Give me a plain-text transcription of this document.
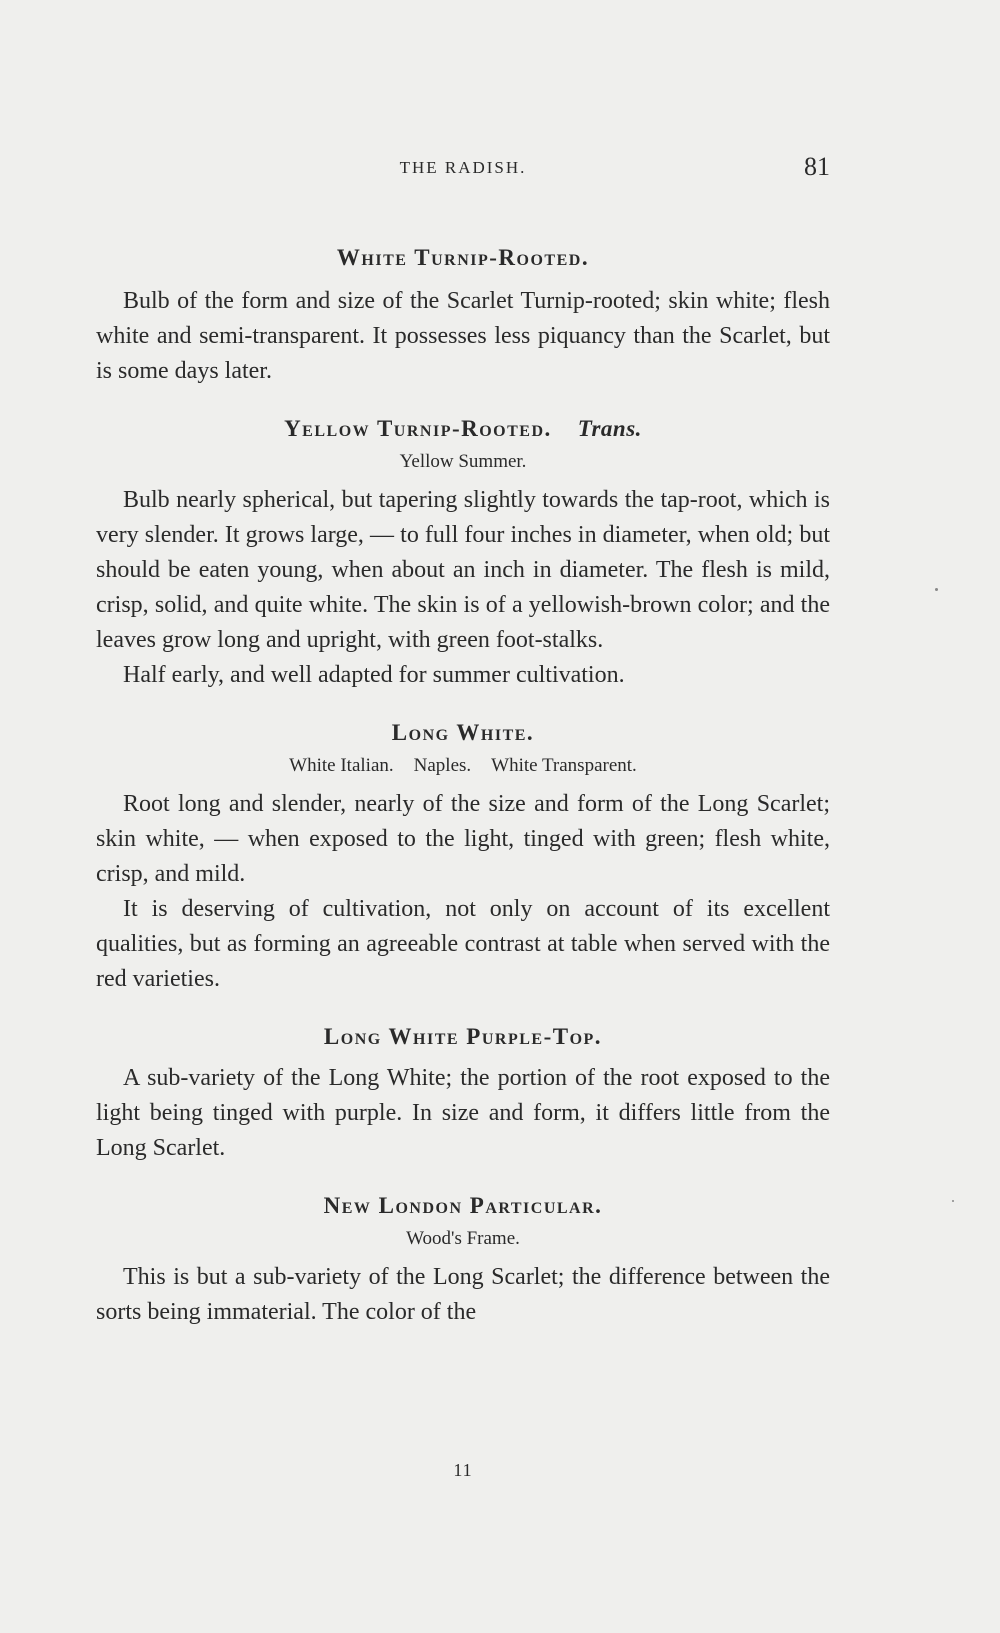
THE RADISH.	81
White Turnip-Rooted.

Bulb of the form and size of the Scarlet Turnip-rooted; skin white; flesh white and semi-transparent. It possesses less piquancy than the Scarlet, but is some days later.

Yellow Turnip-Rooted. Trans.
Yellow Summer.

Bulb nearly spherical, but tapering slightly towards the tap-root, which is very slender. It grows large, — to full four inches in diameter, when old; but should be eaten young, when about an inch in diameter. The flesh is mild, crisp, solid, and quite white. The skin is of a yellowish-brown color; and the leaves grow long and upright, with green foot-stalks.

Half early, and well adapted for summer cultivation.

Long White.
White Italian. Naples. White Transparent.

Root long and slender, nearly of the size and form of the Long Scarlet; skin white, — when exposed to the light, tinged with green; flesh white, crisp, and mild.

It is deserving of cultivation, not only on account of its excellent qualities, but as forming an agreeable contrast at table when served with the red varieties.

Long White Purple-Top.

A sub-variety of the Long White; the portion of the root exposed to the light being tinged with purple. In size and form, it differs little from the Long Scarlet.

New London Particular.
Wood's Frame.

This is but a sub-variety of the Long Scarlet; the difference between the sorts being immaterial. The color of the

11
